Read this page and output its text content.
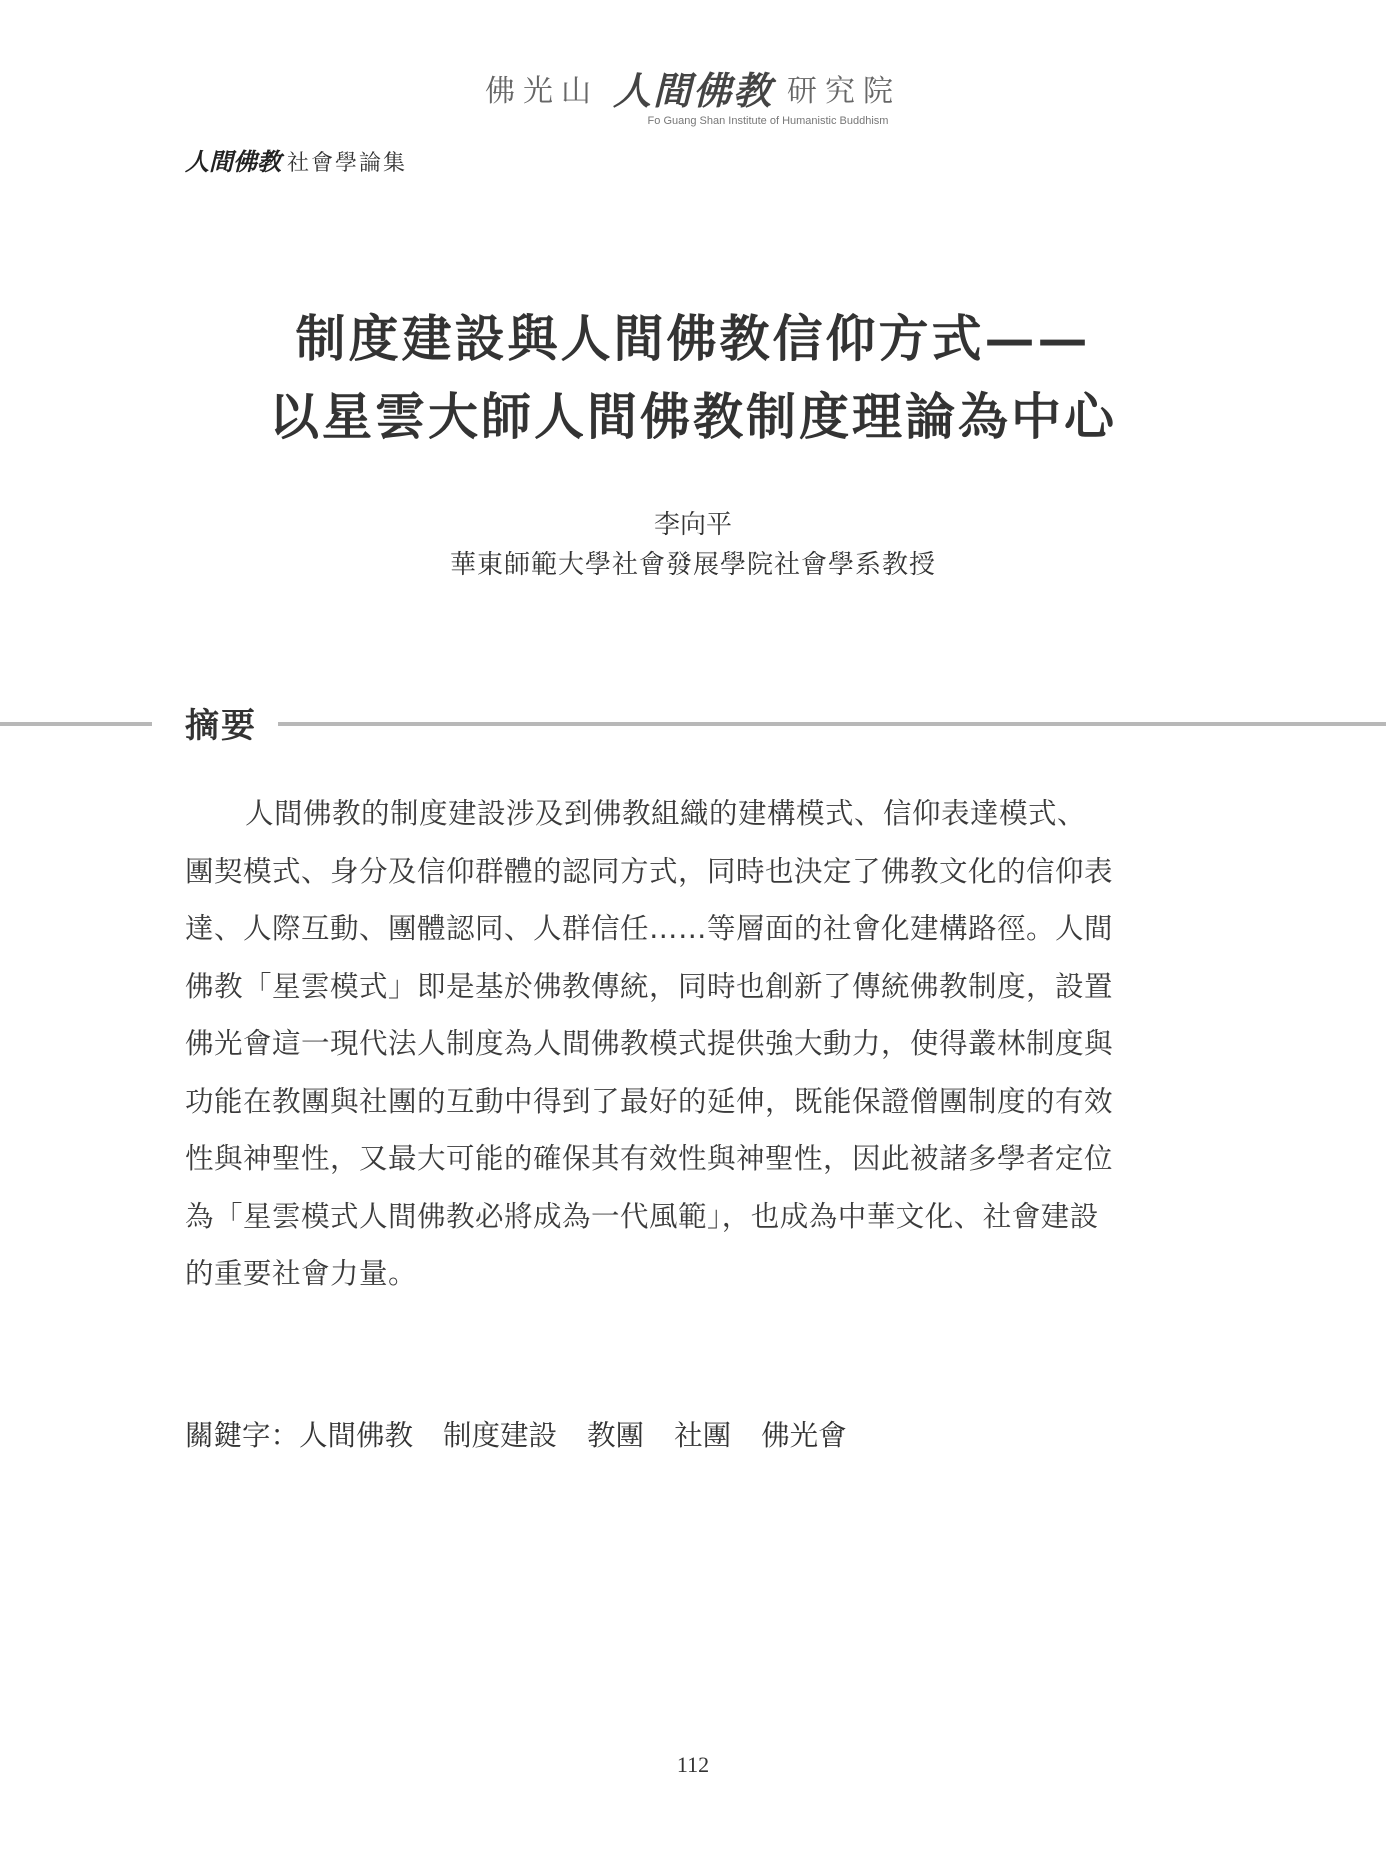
佛光山 人間佛教 研究院
Fo Guang Shan Institute of Humanistic Buddhism
人間佛教 社會學論集
制度建設與人間佛教信仰方式——
以星雲大師人間佛教制度理論為中心
李向平
華東師範大學社會發展學院社會學系教授
摘要
人間佛教的制度建設涉及到佛教組織的建構模式、信仰表達模式、
團契模式、身分及信仰群體的認同方式，同時也決定了佛教文化的信仰表
達、人際互動、團體認同、人群信任……等層面的社會化建構路徑。人間
佛教「星雲模式」即是基於佛教傳統，同時也創新了傳統佛教制度，設置
佛光會這一現代法人制度為人間佛教模式提供強大動力，使得叢林制度與
功能在教團與社團的互動中得到了最好的延伸，既能保證僧團制度的有效
性與神聖性，又最大可能的確保其有效性與神聖性，因此被諸多學者定位
為「星雲模式人間佛教必將成為一代風範」，也成為中華文化、社會建設
的重要社會力量。
關鍵字： 人間佛教 制度建設 教團 社團 佛光會
112
